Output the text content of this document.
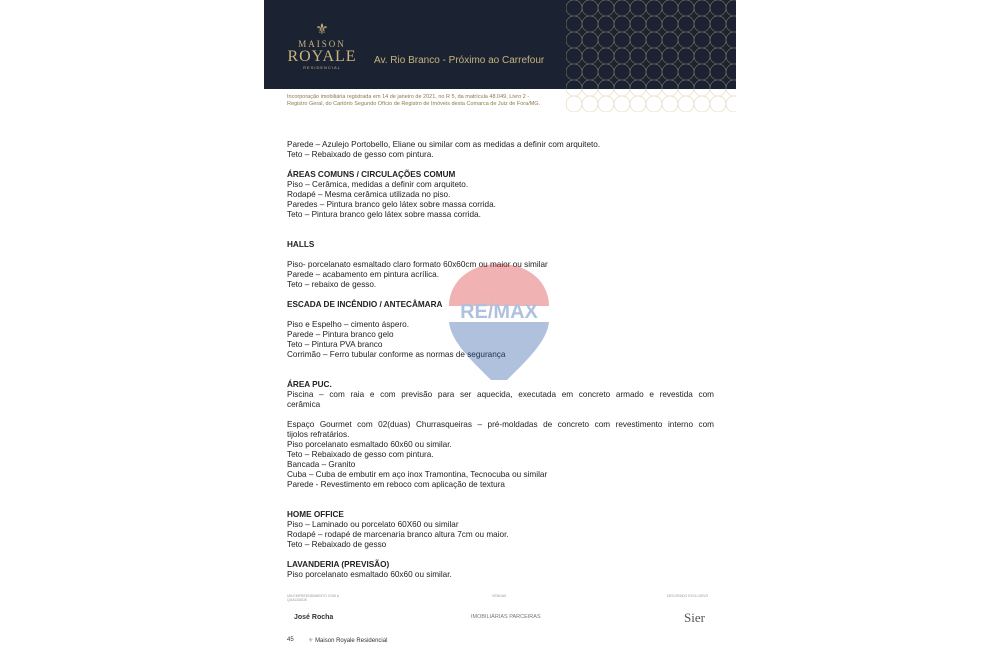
⚜
MAISON
ROYALE
RESIDENCIAL
Av. Rio Branco - Próximo ao Carrefour
Incorporação imobiliária registrada em 14 de janeiro de 2021, no R 5, da matrícula 48.049, Livro 2 - Registro Geral, do Cartório Segundo Ofício de Registro de Imóveis desta Comarca de Juiz de Fora/MG.
Parede – Azulejo Portobello, Eliane ou similar com as medidas a definir com arquiteto.
Teto – Rebaixado de gesso com pintura.
ÁREAS COMUNS / CIRCULAÇÕES COMUM
Piso – Cerâmica, medidas a definir com arquiteto.
Rodapé – Mesma cerâmica utilizada no piso.
Paredes – Pintura branco gelo látex sobre massa corrida.
Teto – Pintura branco gelo látex sobre massa corrida.
HALLS
Piso- porcelanato esmaltado claro formato 60x60cm ou maior ou similar
Parede – acabamento em pintura acrílica.
Teto – rebaixo de gesso.
ESCADA DE INCÊNDIO / ANTECÂMARA
Piso e Espelho – cimento áspero.
Parede – Pintura branco gelo
Teto – Pintura PVA branco
Corrimão – Ferro tubular conforme as normas de segurança
ÁREA PUC.
Piscina – com raia e com previsão para ser aquecida, executada em concreto armado e revestida com
cerâmica
Espaço Gourmet com 02(duas) Churrasqueiras – pré-moldadas de concreto com revestimento interno com
tijolos refratários.
Piso porcelanato esmaltado 60x60 ou similar.
Teto – Rebaixado de gesso com pintura.
Bancada – Granito
Cuba – Cuba de embutir em aço inox Tramontina, Tecnocuba ou similar
Parede - Revestimento em reboco com aplicação de textura
HOME OFFICE
Piso – Laminado ou porcelato 60X60 ou similar
Rodapé – rodapé de marcenaria branco altura 7cm ou maior.
Teto – Rebaixado de gesso
LAVANDERIA (PREVISÃO)
Piso porcelanato esmaltado 60x60 ou similar.
RE/MAX
UM EMPREENDIMENTO COM A QUALIDADE
VENDAS	DECORADO EXCLUSIVO
José Rocha	IMOBILIÁRIAS PARCEIRAS	Sier
45 ⚜ Maison Royale Residencial
